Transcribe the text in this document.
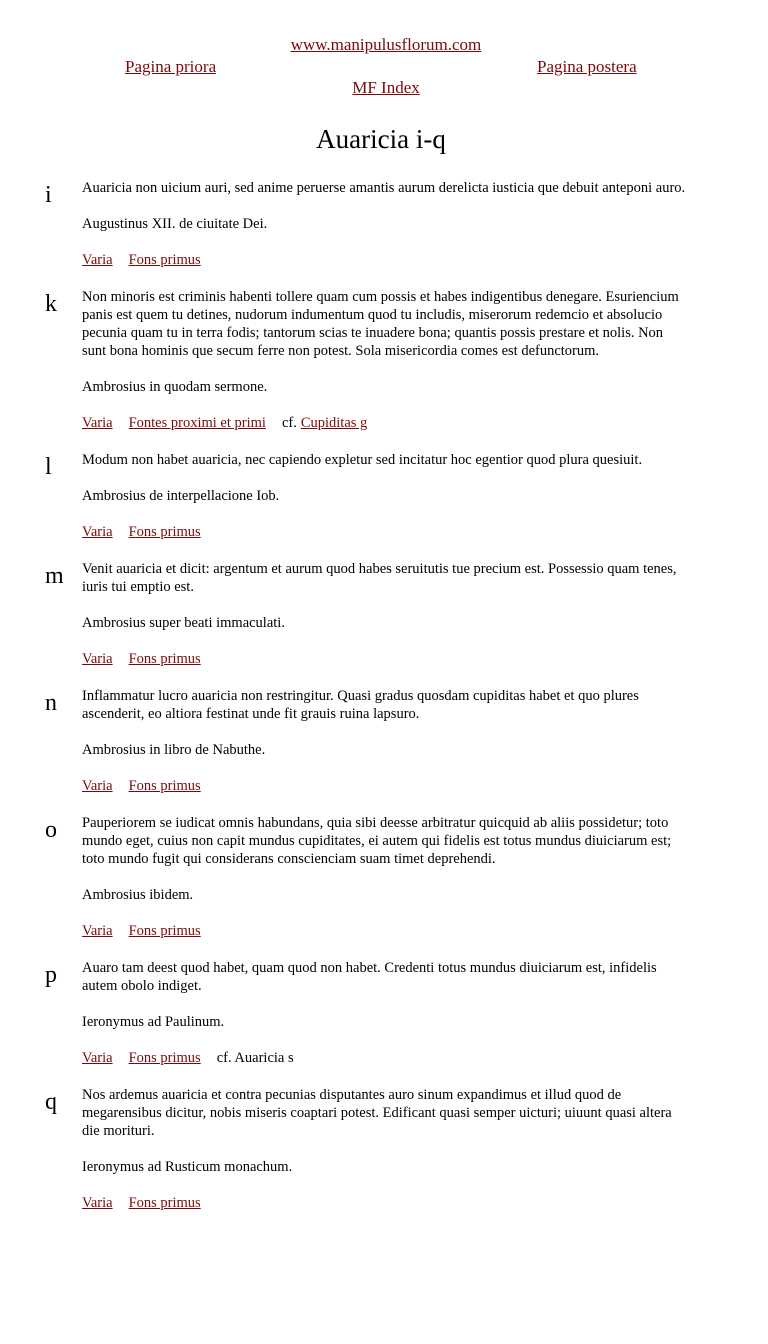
www.manipulusflorum.com
Pagina priora	Pagina postera
MF Index
Auaricia i-q
i Auaricia non uicium auri, sed anime peruerse amantis aurum derelicta iusticia que debuit anteponi auro.

Augustinus XII. de ciuitate Dei.

Varia Fons primus

k Non minoris est criminis habenti tollere quam cum possis et habes indigentibus denegare. Esuriencium panis est quem tu detines, nudorum indumentum quod tu includis, miserorum redemcio et absolucio pecunia quam tu in terra fodis; tantorum scias te inuadere bona; quantis possis prestare et nolis. Non sunt bona hominis que secum ferre non potest. Sola misericordia comes est defunctorum.

Ambrosius in quodam sermone.

Varia Fontes proximi et primi cf. Cupiditas g

l Modum non habet auaricia, nec capiendo expletur sed incitatur hoc egentior quod plura quesiuit.

Ambrosius de interpellacione Iob.

Varia Fons primus

m Venit auaricia et dicit: argentum et aurum quod habes seruitutis tue precium est. Possessio quam tenes, iuris tui emptio est.

Ambrosius super beati immaculati.

Varia Fons primus

n Inflammatur lucro auaricia non restringitur. Quasi gradus quosdam cupiditas habet et quo plures ascenderit, eo altiora festinat unde fit grauis ruina lapsuro.

Ambrosius in libro de Nabuthe.

Varia Fons primus

o Pauperiorem se iudicat omnis habundans, quia sibi deesse arbitratur quicquid ab aliis possidetur; toto mundo eget, cuius non capit mundus cupiditates, ei autem qui fidelis est totus mundus diuiciarum est; toto mundo fugit qui considerans conscienciam suam timet deprehendi.

Ambrosius ibidem.

Varia Fons primus

p Auaro tam deest quod habet, quam quod non habet. Credenti totus mundus diuiciarum est, infidelis autem obolo indiget.

Ieronymus ad Paulinum.

Varia Fons primus cf. Auaricia s

q Nos ardemus auaricia et contra pecunias disputantes auro sinum expandimus et illud quod de megarensibus dicitur, nobis miseris coaptari potest. Edificant quasi semper uicturi; uiuunt quasi altera die morituri.

Ieronymus ad Rusticum monachum.

Varia Fons primus
